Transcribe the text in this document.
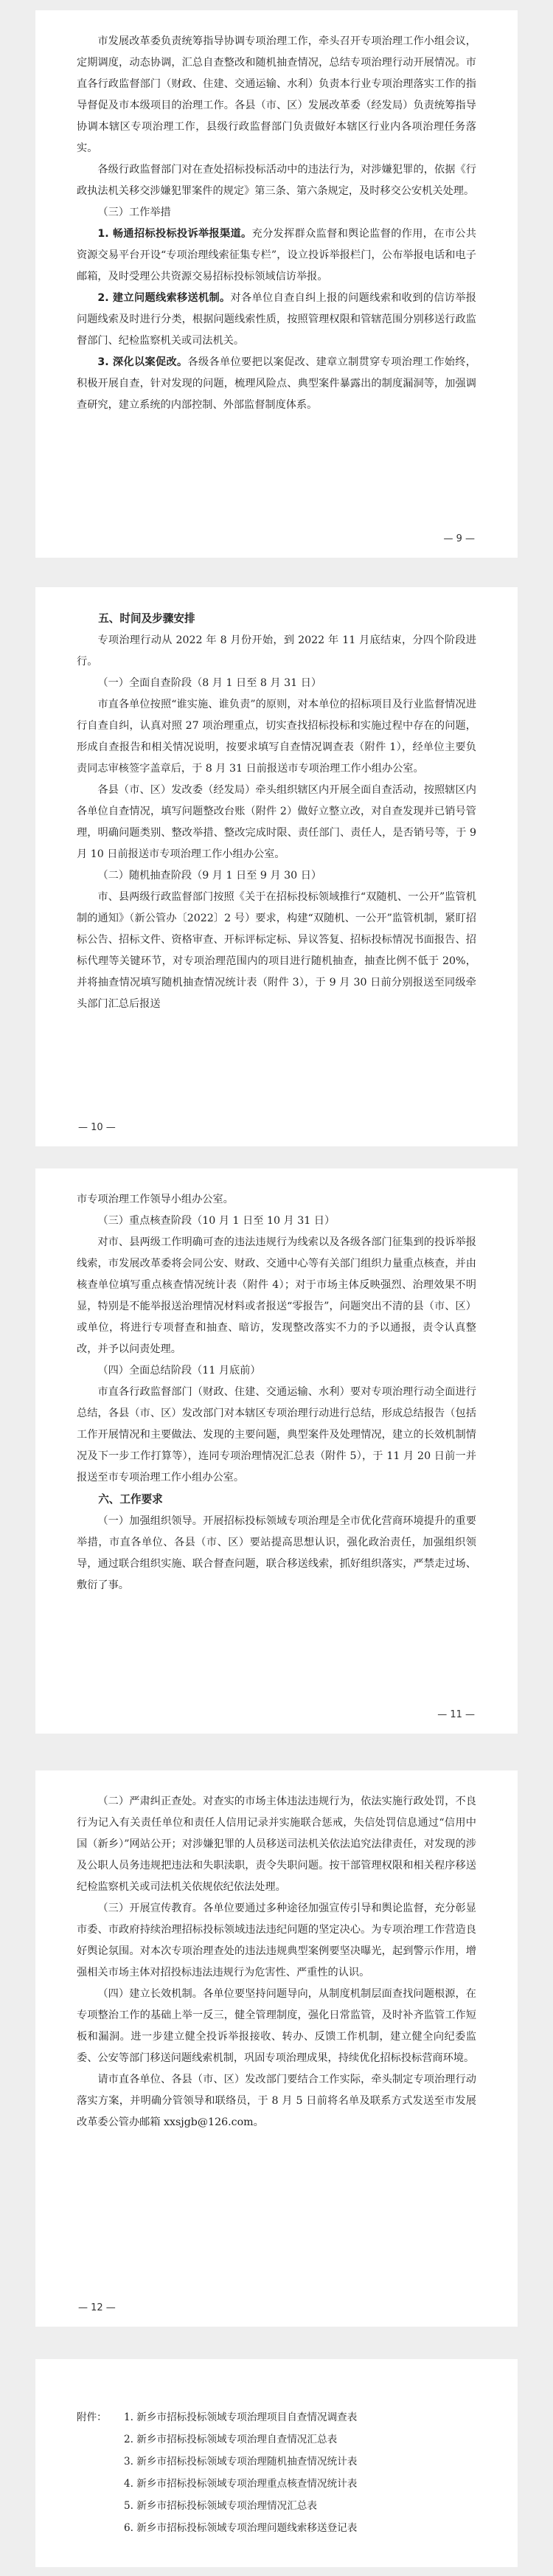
市发展改革委负责统筹指导协调专项治理工作，牵头召开专项治理工作小组会议，定期调度，动态协调，汇总自查整改和随机抽查情况，总结专项治理行动开展情况。市直各行政监督部门（财政、住建、交通运输、水利）负责本行业专项治理落实工作的指导督促及市本级项目的治理工作。各县（市、区）发展改革委（经发局）负责统筹指导协调本辖区专项治理工作，县级行政监督部门负责做好本辖区行业内各项治理任务落实。

各级行政监督部门对在查处招标投标活动中的违法行为，对涉嫌犯罪的，依据《行政执法机关移交涉嫌犯罪案件的规定》第三条、第六条规定，及时移交公安机关处理。

（三）工作举措

1. 畅通招标投标投诉举报渠道。充分发挥群众监督和舆论监督的作用，在市公共资源交易平台开设“专项治理线索征集专栏”，设立投诉举报栏门，公布举报电话和电子邮箱，及时受理公共资源交易招标投标领域信访举报。

2. 建立问题线索移送机制。对各单位自查自纠上报的问题线索和收到的信访举报问题线索及时进行分类，根据问题线索性质，按照管理权限和管辖范围分别移送行政监督部门、纪检监察机关或司法机关。

3. 深化以案促改。各级各单位要把以案促改、建章立制贯穿专项治理工作始终，积极开展自查，针对发现的问题，梳理风险点、典型案件暴露出的制度漏洞等，加强调查研究，建立系统的内部控制、外部监督制度体系。

— 9 —

五、时间及步骤安排

专项治理行动从 2022 年 8 月份开始，到 2022 年 11 月底结束，分四个阶段进行。

（一）全面自查阶段（8 月 1 日至 8 月 31 日）

市直各单位按照“谁实施、谁负责”的原则，对本单位的招标项目及行业监督情况进行自查自纠，认真对照 27 项治理重点，切实查找招标投标和实施过程中存在的问题，形成自查报告和相关情况说明，按要求填写自查情况调查表（附件 1），经单位主要负责同志审核签字盖章后，于 8 月 31 日前报送市专项治理工作小组办公室。

各县（市、区）发改委（经发局）牵头组织辖区内开展全面自查活动，按照辖区内各单位自查情况，填写问题整改台账（附件 2）做好立整立改，对自查发现并已销号管理，明确问题类别、整改举措、整改完成时限、责任部门、责任人，是否销号等，于 9 月 10 日前报送市专项治理工作小组办公室。

（二）随机抽查阶段（9 月 1 日至 9 月 30 日）

市、县两级行政监督部门按照《关于在招标投标领域推行“双随机、一公开”监管机制的通知》（新公管办〔2022〕2 号）要求，构建“双随机、一公开”监管机制，紧盯招标公告、招标文件、资格审查、开标评标定标、异议答复、招标投标情况书面报告、招标代理等关键环节，对专项治理范围内的项目进行随机抽查，抽查比例不低于 20%，并将抽查情况填写随机抽查情况统计表（附件 3），于 9 月 30 日前分别报送至同级牵头部门汇总后报送

— 10 —

市专项治理工作领导小组办公室。

（三）重点核查阶段（10 月 1 日至 10 月 31 日）

对市、县两级工作明确可查的违法违规行为线索以及各级各部门征集到的投诉举报线索，市发展改革委将会同公安、财政、交通中心等有关部门组织力量重点核查，并由核查单位填写重点核查情况统计表（附件 4）；对于市场主体反映强烈、治理效果不明显，特别是不能举报送治理情况材料或者报送“零报告”，问题突出不清的县（市、区）或单位，将进行专项督查和抽查、暗访，发现整改落实不力的予以通报，责令认真整改，并予以问责处理。

（四）全面总结阶段（11 月底前）

市直各行政监督部门（财政、住建、交通运输、水利）要对专项治理行动全面进行总结，各县（市、区）发改部门对本辖区专项治理行动进行总结，形成总结报告（包括工作开展情况和主要做法、发现的主要问题，典型案件及处理情况，建立的长效机制情况及下一步工作打算等），连同专项治理情况汇总表（附件 5），于 11 月 20 日前一并报送至市专项治理工作小组办公室。

六、工作要求

（一）加强组织领导。开展招标投标领域专项治理是全市优化营商环境提升的重要举措，市直各单位、各县（市、区）要站提高思想认识，强化政治责任，加强组织领导，通过联合组织实施、联合督查问题，联合移送线索，抓好组织落实，严禁走过场、敷衍了事。

— 11 —

（二）严肃纠正查处。对查实的市场主体违法违规行为，依法实施行政处罚，不良行为记入有关责任单位和责任人信用记录并实施联合惩戒，失信处罚信息通过“信用中国（新乡）”网站公开；对涉嫌犯罪的人员移送司法机关依法追究法律责任，对发现的涉及公职人员务违规把违法和失职渎职，责令失职问题。按干部管理权限和相关程序移送纪检监察机关或司法机关依规依纪依法处理。

（三）开展宣传教育。各单位要通过多种途径加强宣传引导和舆论监督，充分彰显市委、市政府持续治理招标投标领域违法违纪问题的坚定决心。为专项治理工作营造良好舆论氛围。对本次专项治理查处的违法违规典型案例要坚决曝光，起到警示作用，增强相关市场主体对招投标违法违规行为危害性、严重性的认识。

（四）建立长效机制。各单位要坚持问题导向，从制度机制层面查找问题根源，在专项整治工作的基础上举一反三，健全管理制度，强化日常监管，及时补齐监管工作短板和漏洞。进一步建立健全投诉举报接收、转办、反馈工作机制，建立健全向纪委监委、公安等部门移送问题线索机制，巩固专项治理成果，持续优化招标投标营商环境。

请市直各单位、各县（市、区）发改部门要结合工作实际，牵头制定专项治理行动落实方案，并明确分管领导和联络员，于 8 月 5 日前将名单及联系方式发送至市发展改革委公管办邮箱 xxsjgb@126.com。

— 12 —
附件： 1. 新乡市招标投标领域专项治理项目自查情况调查表
2. 新乡市招标投标领域专项治理自查情况汇总表
3. 新乡市招标投标领域专项治理随机抽查情况统计表
4. 新乡市招标投标领域专项治理重点核查情况统计表
5. 新乡市招标投标领域专项治理情况汇总表
6. 新乡市招标投标领域专项治理问题线索移送登记表
